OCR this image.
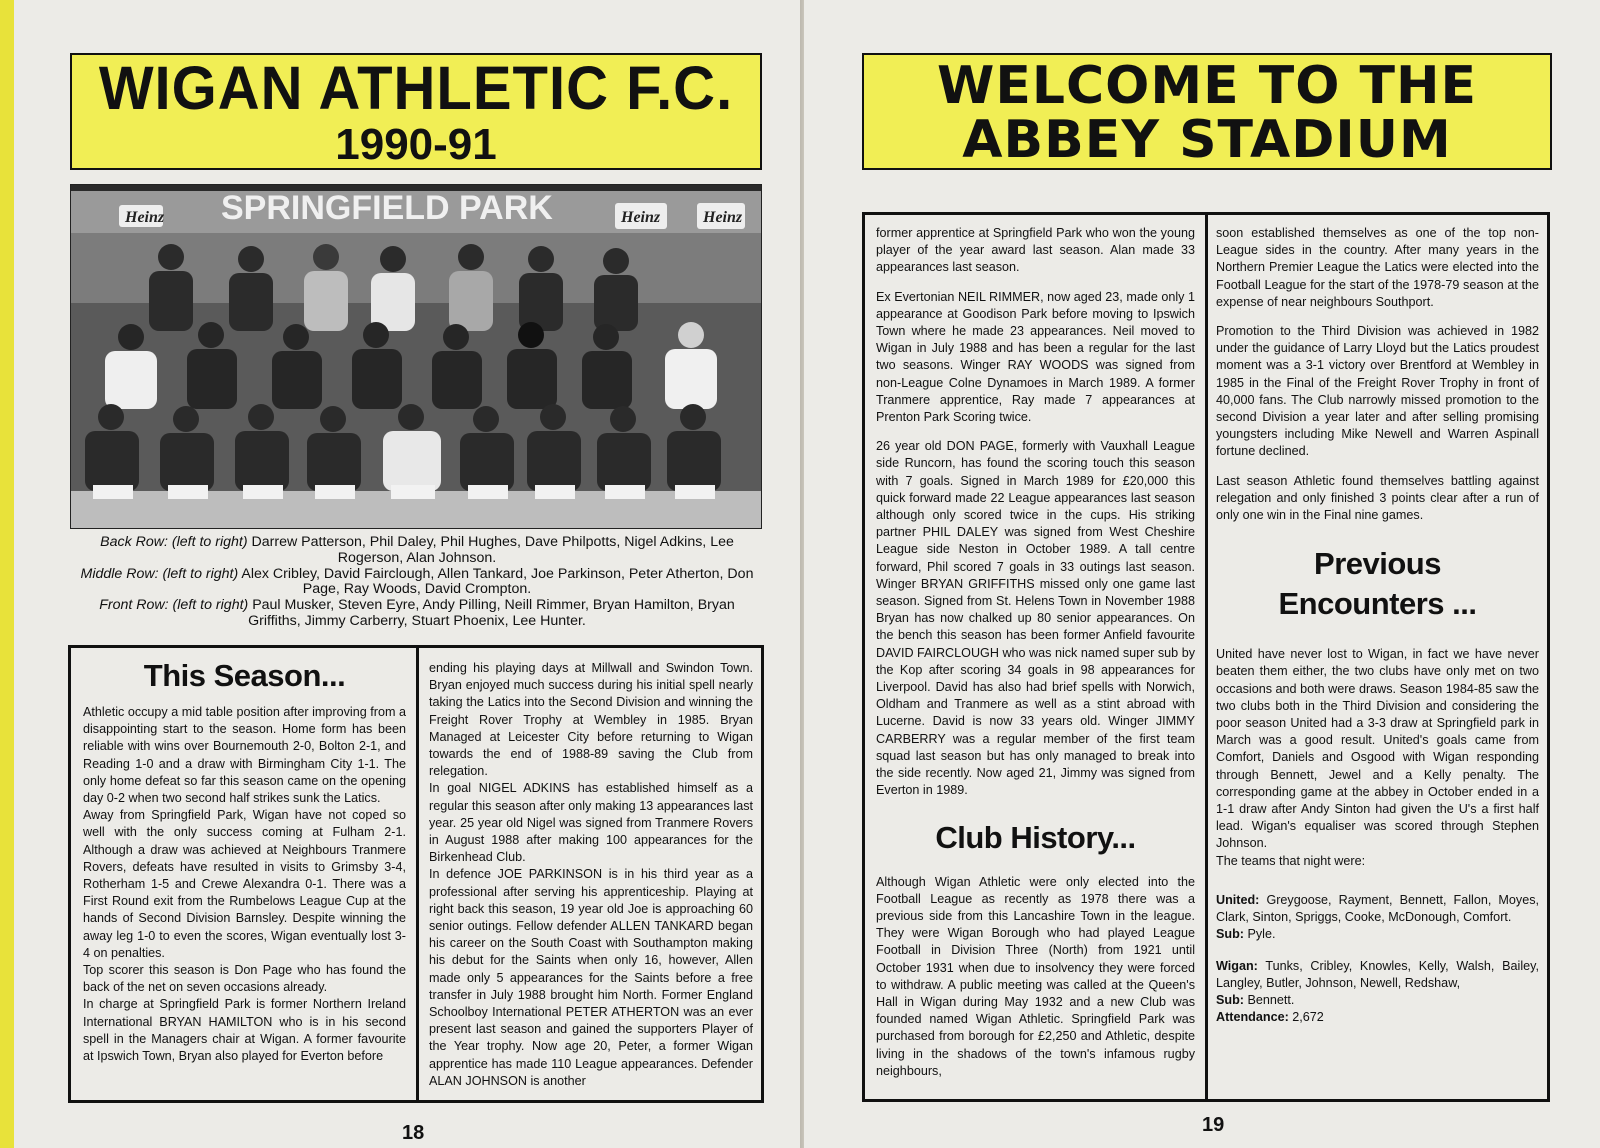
WIGAN ATHLETIC F.C.
1990-91
SPRINGFIELD PARK
Heinz	Heinz	Heinz
Back Row: (left to right) Darrew Patterson, Phil Daley, Phil Hughes, Dave Philpotts, Nigel Adkins, Lee Rogerson, Alan Johnson.
Middle Row: (left to right) Alex Cribley, David Fairclough, Allen Tankard, Joe Parkinson, Peter Atherton, Don Page, Ray Woods, David Crompton.
Front Row: (left to right) Paul Musker, Steven Eyre, Andy Pilling, Neill Rimmer, Bryan Hamilton, Bryan Griffiths, Jimmy Carberry, Stuart Phoenix, Lee Hunter.
This Season...

Athletic occupy a mid table position after improving from a disappointing start to the season. Home form has been reliable with wins over Bournemouth 2-0, Bolton 2-1, and Reading 1-0 and a draw with Birmingham City 1-1. The only home defeat so far this season came on the opening day 0-2 when two second half strikes sunk the Latics.

Away from Springfield Park, Wigan have not coped so well with the only success coming at Fulham 2-1. Although a draw was achieved at Neighbours Tranmere Rovers, defeats have resulted in visits to Grimsby 3-4, Rotherham 1-5 and Crewe Alexandra 0-1. There was a First Round exit from the Rumbelows League Cup at the hands of Second Division Barnsley. Despite winning the away leg 1-0 to even the scores, Wigan eventually lost 3-4 on penalties.

Top scorer this season is Don Page who has found the back of the net on seven occasions already.

In charge at Springfield Park is former Northern Ireland International BRYAN HAMILTON who is in his second spell in the Managers chair at Wigan. A former favourite at Ipswich Town, Bryan also played for Everton before

ending his playing days at Millwall and Swindon Town. Bryan enjoyed much success during his initial spell nearly taking the Latics into the Second Division and winning the Freight Rover Trophy at Wembley in 1985. Bryan Managed at Leicester City before returning to Wigan towards the end of 1988-89 saving the Club from relegation.

In goal NIGEL ADKINS has established himself as a regular this season after only making 13 appearances last year. 25 year old Nigel was signed from Tranmere Rovers in August 1988 after making 100 appearances for the Birkenhead Club.

In defence JOE PARKINSON is in his third year as a professional after serving his apprenticeship. Playing at right back this season, 19 year old Joe is approaching 60 senior outings. Fellow defender ALLEN TANKARD began his career on the South Coast with Southampton making his debut for the Saints when only 16, however, Allen made only 5 appearances for the Saints before a free transfer in July 1988 brought him North. Former England Schoolboy International PETER ATHERTON was an ever present last season and gained the supporters Player of the Year trophy. Now age 20, Peter, a former Wigan apprentice has made 110 League appearances. Defender ALAN JOHNSON is another

18
WELCOME TO THE
ABBEY STADIUM

former apprentice at Springfield Park who won the young player of the year award last season. Alan made 33 appearances last season.

Ex Evertonian NEIL RIMMER, now aged 23, made only 1 appearance at Goodison Park before moving to Ipswich Town where he made 23 appearances. Neil moved to Wigan in July 1988 and has been a regular for the last two seasons. Winger RAY WOODS was signed from non-League Colne Dynamoes in March 1989. A former Tranmere apprentice, Ray made 7 appearances at Prenton Park Scoring twice.

26 year old DON PAGE, formerly with Vauxhall League side Runcorn, has found the scoring touch this season with 7 goals. Signed in March 1989 for £20,000 this quick forward made 22 League appearances last season although only scored twice in the cups. His striking partner PHIL DALEY was signed from West Cheshire League side Neston in October 1989. A tall centre forward, Phil scored 7 goals in 33 outings last season. Winger BRYAN GRIFFITHS missed only one game last season. Signed from St. Helens Town in November 1988 Bryan has now chalked up 80 senior appearances. On the bench this season has been former Anfield favourite DAVID FAIRCLOUGH who was nick named super sub by the Kop after scoring 34 goals in 98 appearances for Liverpool. David has also had brief spells with Norwich, Oldham and Tranmere as well as a stint abroad with Lucerne. David is now 33 years old. Winger JIMMY CARBERRY was a regular member of the first team squad last season but has only managed to break into the side recently. Now aged 21, Jimmy was signed from Everton in 1989.

Club History...

Although Wigan Athletic were only elected into the Football League as recently as 1978 there was a previous side from this Lancashire Town in the league. They were Wigan Borough who had played League Football in Division Three (North) from 1921 until October 1931 when due to insolvency they were forced to withdraw. A public meeting was called at the Queen's Hall in Wigan during May 1932 and a new Club was founded named Wigan Athletic. Springfield Park was purchased from borough for £2,250 and Athletic, despite living in the shadows of the town's infamous rugby neighbours,

soon established themselves as one of the top non-League sides in the country. After many years in the Northern Premier League the Latics were elected into the Football League for the start of the 1978-79 season at the expense of near neighbours Southport.

Promotion to the Third Division was achieved in 1982 under the guidance of Larry Lloyd but the Latics proudest moment was a 3-1 victory over Brentford at Wembley in 1985 in the Final of the Freight Rover Trophy in front of 40,000 fans. The Club narrowly missed promotion to the second Division a year later and after selling promising youngsters including Mike Newell and Warren Aspinall fortune declined.

Last season Athletic found themselves battling against relegation and only finished 3 points clear after a run of only one win in the Final nine games.

Previous
Encounters ...

United have never lost to Wigan, in fact we have never beaten them either, the two clubs have only met on two occasions and both were draws. Season 1984-85 saw the two clubs both in the Third Division and considering the poor season United had a 3-3 draw at Springfield park in March was a good result. United's goals came from Comfort, Daniels and Osgood with Wigan responding through Bennett, Jewel and a Kelly penalty. The corresponding game at the abbey in October ended in a 1-1 draw after Andy Sinton had given the U's a first half lead. Wigan's equaliser was scored through Stephen Johnson.

The teams that night were:

United: Greygoose, Rayment, Bennett, Fallon, Moyes, Clark, Sinton, Spriggs, Cooke, McDonough, Comfort.

Sub: Pyle.

Wigan: Tunks, Cribley, Knowles, Kelly, Walsh, Bailey, Langley, Butler, Johnson, Newell, Redshaw,

Sub: Bennett.

Attendance: 2,672

19
